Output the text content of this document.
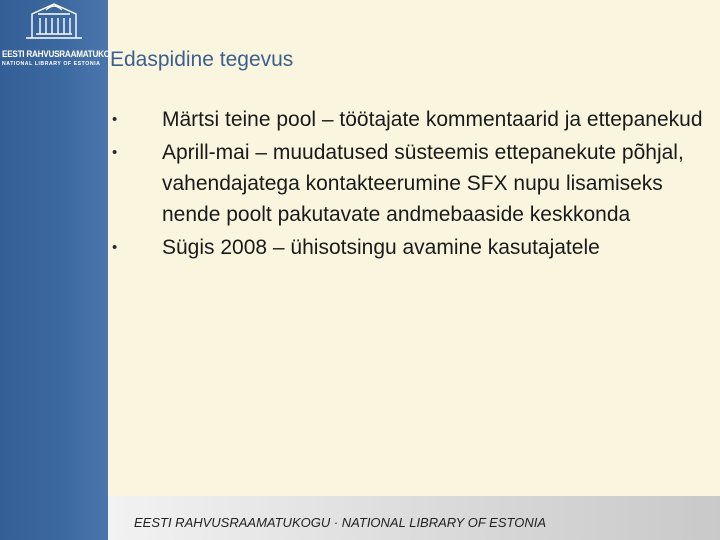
EESTI RAHVUSRAAMATUKOGU
NATIONAL LIBRARY OF ESTONIA Edaspidine tegevus
• Märtsi teine pool – töötajate kommentaarid ja ettepanekud
• Aprill-mai – muudatused süsteemis ettepanekute põhjal, vahendajatega kontakteerumine SFX nupu lisamiseks nende poolt pakutavate andmebaaside keskkonda
• Sügis 2008 – ühisotsingu avamine kasutajatele
EESTI RAHVUSRAAMATUKOGU · NATIONAL LIBRARY OF ESTONIA
